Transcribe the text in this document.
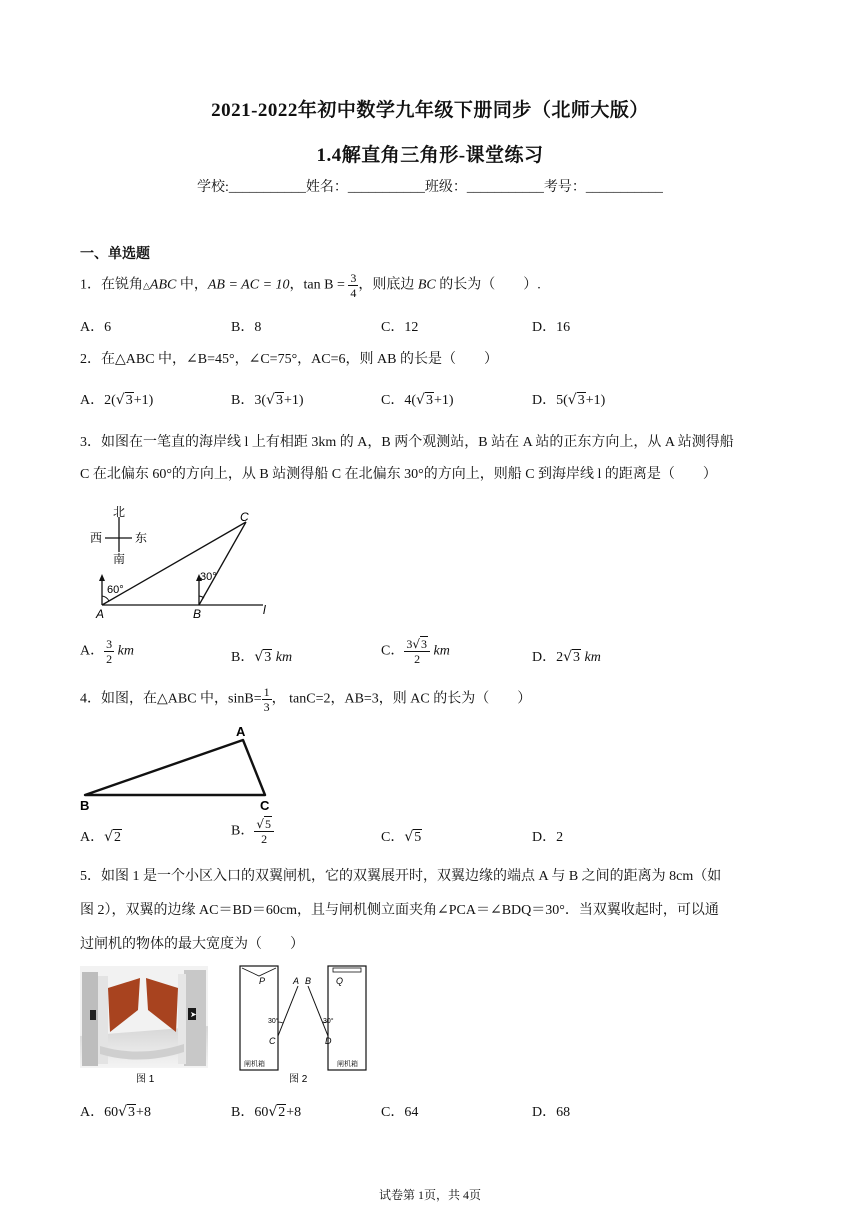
2021-2022年初中数学九年级下册同步（北师大版）
1.4解直角三角形-课堂练习
学校:___________姓名：___________班级：___________考号：___________
一、单选题
1．在锐角△ABC 中，AB = AC = 10，$\tan B = \frac{3}{4}$ ，则底边 BC 的长为（　　）.
A．6	B．8	C．12	D．16
2．在△ABC 中，∠B=45°，∠C=75°，AC=6，则 AB 的长是（　　）
A．2(√3+1)	B．3(√3+1)	C．4(√3+1)	D．5(√3+1)
3．如图在一笔直的海岸线 l 上有相距 3km 的 A，B 两个观测站，B 站在 A 站的正东方向上，从 A 站测得船
C 在北偏东 60°的方向上，从 B 站测得船 C 在北偏东 30°的方向上，则船 C 到海岸线 l 的距离是（　　）
北
西	东
南
l
60°
30°
A	B
C
A． $\frac{3}{2}$ km	B．√3 km	C． $\frac{3√3}{2}$ km	D．2√3 km
4．如图，在△ABC 中，$\sin B= \frac{1}{3}$ ， tanC=2，AB=3，则 AC 的长为（　　）
A
B	C
A．√2	B． $\frac{√5}{2}$	C．√5	D．2
5．如图 1 是一个小区入口的双翼闸机，它的双翼展开时，双翼边缘的端点 A 与 B 之间的距离为 8cm（如
图 2），双翼的边缘 AC＝BD＝60cm，且与闸机侧立面夹角∠PCA＝∠BDQ＝30°．当双翼收起时，可以通
过闸机的物体的最大宽度为（　　）
➤
图 1
P	A B	Q
30°	30°
C	D
闸机箱	闸机箱
图 2
A．60√3+8	B．60√2+8	C．64	D．68
试卷第 1页，共 4页
